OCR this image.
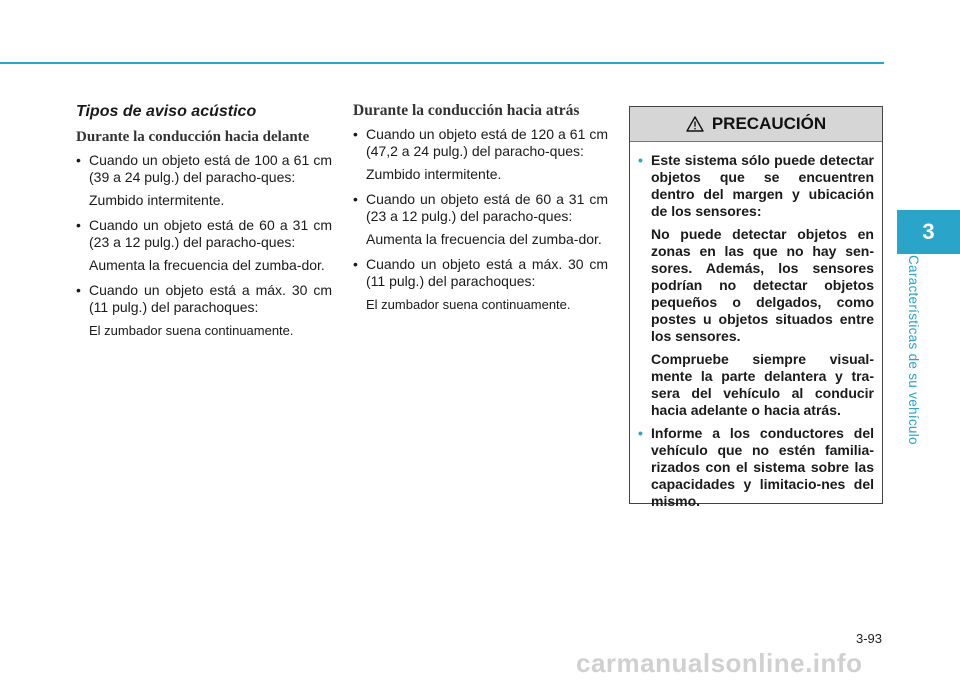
3
Características de su vehículo
Tipos de aviso acústico
Durante la conducción hacia delante
• Cuando un objeto está de 100 a 61 cm (39 a 24 pulg.) del paracho-ques:
Zumbido intermitente.
• Cuando un objeto está de 60 a 31 cm (23 a 12 pulg.) del paracho-ques:
Aumenta la frecuencia del zumba-dor.
• Cuando un objeto está a máx. 30 cm (11 pulg.) del parachoques:
El zumbador suena continuamente.
Durante la conducción hacia atrás
• Cuando un objeto está de 120 a 61 cm (47,2 a 24 pulg.) del paracho-ques:
Zumbido intermitente.
• Cuando un objeto está de 60 a 31 cm (23 a 12 pulg.) del paracho-ques:
Aumenta la frecuencia del zumba-dor.
• Cuando un objeto está a máx. 30 cm (11 pulg.) del parachoques:
El zumbador suena continuamente.
PRECAUCIÓN
• Este sistema sólo puede detectar objetos que se encuentren dentro del margen y ubicación de los sensores:
No puede detectar objetos en zonas en las que no hay sen-sores. Además, los sensores podrían no detectar objetos pequeños o delgados, como postes u objetos situados entre los sensores.
Compruebe siempre visual-mente la parte delantera y tra-sera del vehículo al conducir hacia adelante o hacia atrás.
• Informe a los conductores del vehículo que no estén familia-rizados con el sistema sobre las capacidades y limitacio-nes del mismo.
3-93
carmanualsonline.info
